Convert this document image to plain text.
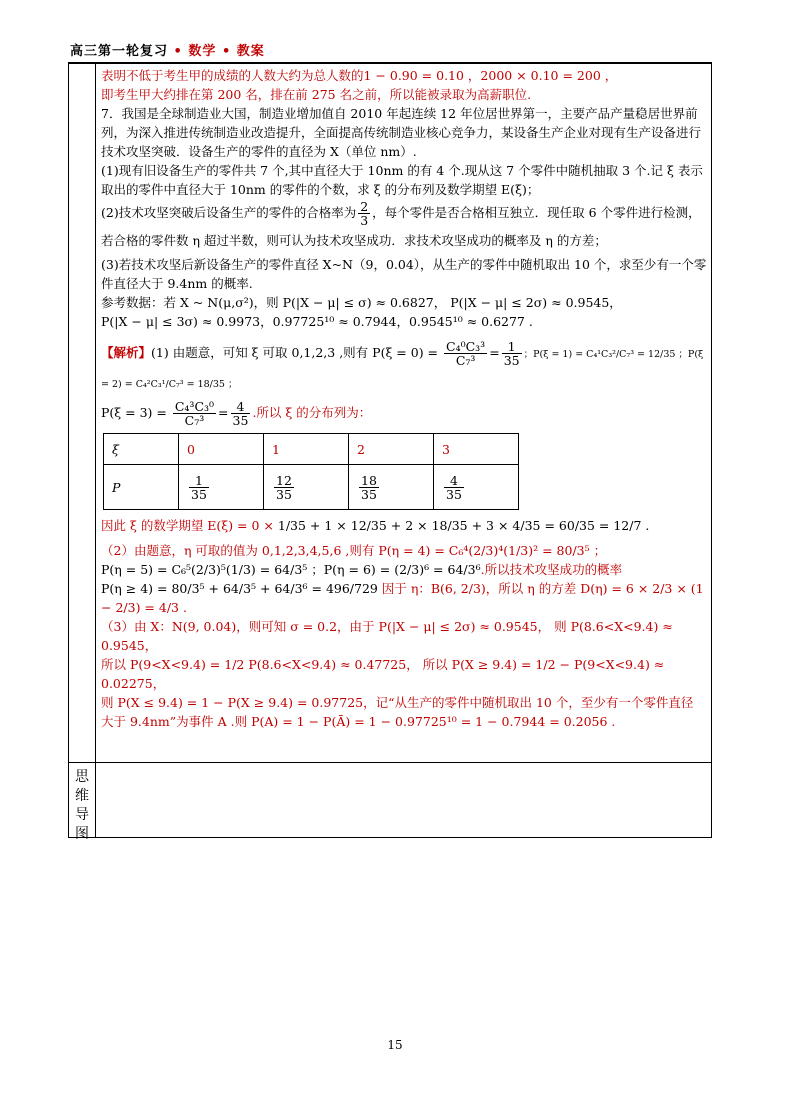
高三第一轮复习 • 数学 • 教案
思
维
导
图

表明不低于考生甲的成绩的人数大约为总人数的1 − 0.90 = 0.10 ，2000 × 0.10 = 200 ，

即考生甲大约排在第 200 名，排在前 275 名之前，所以能被录取为高薪职位.

7．我国是全球制造业大国，制造业增加值自 2010 年起连续 12 年位居世界第一，主要产品产量稳居世界前列，为深入推进传统制造业改造提升，全面提高传统制造业核心竞争力，某设备生产企业对现有生产设备进行技术攻坚突破．设备生产的零件的直径为 X（单位 nm）.

(1)现有旧设备生产的零件共 7 个,其中直径大于 10nm 的有 4 个.现从这 7 个零件中随机抽取 3 个.记 ξ 表示取出的零件中直径大于 10nm 的零件的个数，求 ξ 的分布列及数学期望 E(ξ)；

(2)技术攻坚突破后设备生产的零件的合格率为 $\frac{2}{3}$ ，每个零件是否合格相互独立．现任取 6 个零件进行检测，若合格的零件数 η 超过半数，则可认为技术攻坚成功．求技术攻坚成功的概率及 η 的方差；

(3)若技术攻坚后新设备生产的零件直径 X~N（9，0.04），从生产的零件中随机取出 10 个，求至少有一个零件直径大于 9.4nm 的概率.

参考数据：若 X ~ N(μ,σ²)，则 P(|X − μ| ≤ σ) ≈ 0.6827， P(|X − μ| ≤ 2σ) ≈ 0.9545，

P(|X − μ| ≤ 3σ) ≈ 0.9973，0.97725¹⁰ ≈ 0.7944，0.9545¹⁰ ≈ 0.6277 .

【解析】(1) 由题意，可知 ξ 可取 0,1,2,3 ,则有 $P(\xi = 0) = \frac{\text{C₄⁰C₃³}}{\text{C₇³}} = \frac{1}{35}$ ；P(ξ = 1) = C₄¹C₃²/C₇³ = 12/35 ；P(ξ = 2) = C₄²C₃¹/C₇³ = 18/35 ；

$P(\xi = 3) = \frac{\text{C₄³C₃⁰}}{\text{C₇³}} = \frac{4}{35}$ .所以 ξ 的分布列为：

ξ	0	1	2	3
P	$\frac{1}{35}$	$\frac{12}{35}$	$\frac{18}{35}$	$\frac{4}{35}$

因此 ξ 的数学期望 E(ξ) = 0 × 1/35 + 1 × 12/35 + 2 × 18/35 + 3 × 4/35 = 60/35 = 12/7 .

（2）由题意，η 可取的值为 0,1,2,3,4,5,6 ,则有 P(η = 4) = C₆⁴(2/3)⁴(1/3)² = 80/3⁵ ；

P(η = 5) = C₆⁵(2/3)⁵(1/3) = 64/3⁵ ；P(η = 6) = (2/3)⁶ = 64/3⁶.所以技术攻坚成功的概率

P(η ≥ 4) = 80/3⁵ + 64/3⁵ + 64/3⁶ = 496/729 因于 η：B(6, 2/3)，所以 η 的方差 D(η) = 6 × 2/3 × (1 − 2/3) = 4/3 .

（3）由 X：N(9, 0.04)，则可知 σ = 0.2，由于 P(|X − μ| ≤ 2σ) ≈ 0.9545， 则 P(8.6<X<9.4) ≈ 0.9545，

所以 P(9<X<9.4) = 1/2 P(8.6<X<9.4) ≈ 0.47725， 所以 P(X ≥ 9.4) = 1/2 − P(9<X<9.4) ≈ 0.02275，

则 P(X ≤ 9.4) = 1 − P(X ≥ 9.4) = 0.97725，记“从生产的零件中随机取出 10 个，至少有一个零件直径

大于 9.4nm”为事件 A .则 P(A) = 1 − P(Ā) = 1 − 0.97725¹⁰ = 1 − 0.7944 = 0.2056 .

15
